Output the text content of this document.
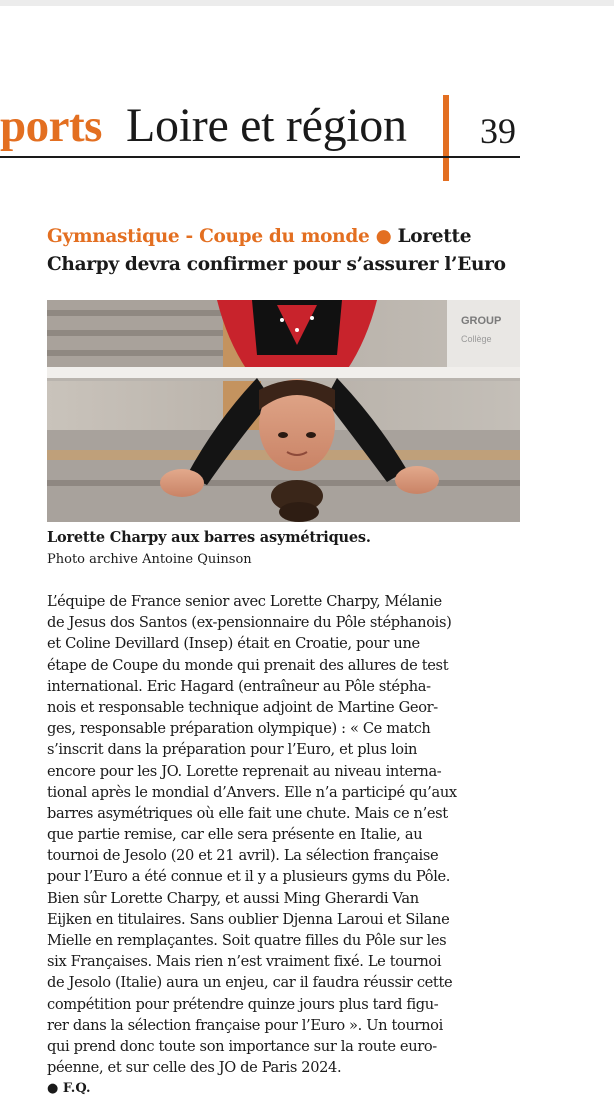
ports Loire et région 39
Gymnastique - Coupe du monde ● Lorette Charpy devra confirmer pour s’assurer l’Euro
GROUP
Collège
Lorette Charpy aux barres asymétriques.
Photo archive Antoine Quinson
L’équipe de France senior avec Lorette Charpy, Mélanie
de Jesus dos Santos (ex-pensionnaire du Pôle stéphanois)
et Coline Devillard (Insep) était en Croatie, pour une
étape de Coupe du monde qui prenait des allures de test
international. Eric Hagard (entraîneur au Pôle stépha-
nois et responsable technique adjoint de Martine Geor-
ges, responsable préparation olympique) : « Ce match
s’inscrit dans la préparation pour l’Euro, et plus loin
encore pour les JO. Lorette reprenait au niveau interna-
tional après le mondial d’Anvers. Elle n’a participé qu’aux
barres asymétriques où elle fait une chute. Mais ce n’est
que partie remise, car elle sera présente en Italie, au
tournoi de Jesolo (20 et 21 avril). La sélection française
pour l’Euro a été connue et il y a plusieurs gyms du Pôle.
Bien sûr Lorette Charpy, et aussi Ming Gherardi Van
Eijken en titulaires. Sans oublier Djenna Laroui et Silane
Mielle en remplaçantes. Soit quatre filles du Pôle sur les
six Françaises. Mais rien n’est vraiment fixé. Le tournoi
de Jesolo (Italie) aura un enjeu, car il faudra réussir cette
compétition pour prétendre quinze jours plus tard figu-
rer dans la sélection française pour l’Euro ». Un tournoi
qui prend donc toute son importance sur la route euro-
péenne, et sur celle des JO de Paris 2024.
● F.Q.
